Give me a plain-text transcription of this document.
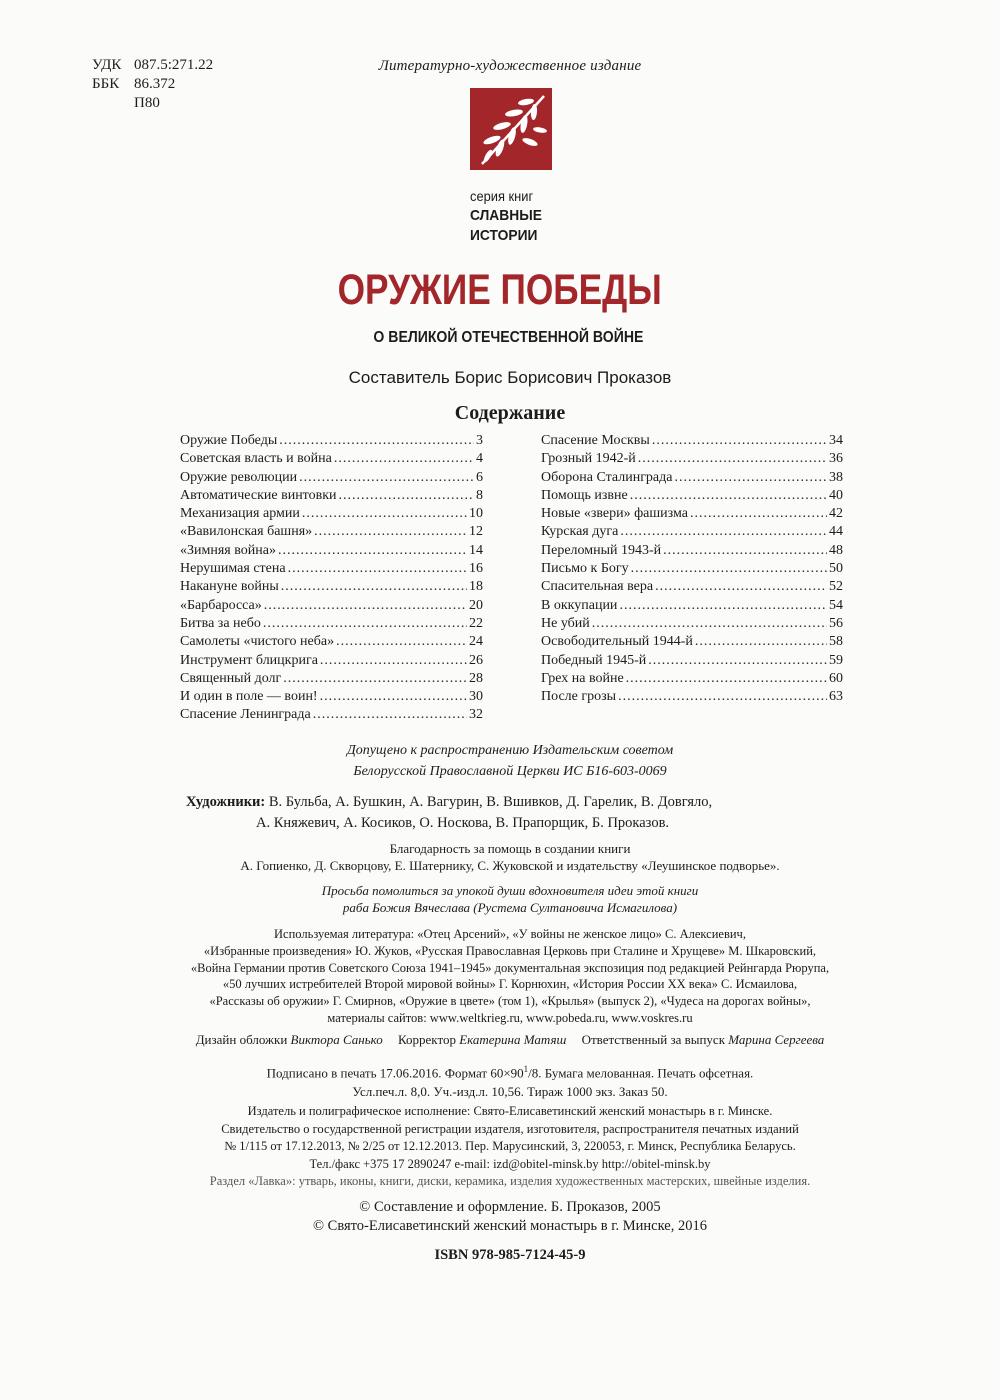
УДК 087.5:271.22
ББК 86.372
П80
Литературно-художественное издание
серия книг
СЛАВНЫЕ
ИСТОРИИ
ОРУЖИЕ ПОБЕДЫ
О ВЕЛИКОЙ ОТЕЧЕСТВЕННОЙ ВОЙНЕ
Составитель Борис Борисович Проказов
Содержание
Оружие Победы .....	3
Советская власть и война .....	4
Оружие революции .....	6
Автоматические винтовки .....	8
Механизация армии .....	10
«Вавилонская башня» .....	12
«Зимняя война» .....	14
Нерушимая стена .....	16
Накануне войны .....	18
«Барбаросса» .....	20
Битва за небо .....	22
Самолеты «чистого неба» .....	24
Инструмент блицкрига .....	26
Священный долг .....	28
И один в поле — воин! .....	30
Спасение Ленинграда .....	32
Спасение Москвы .....	34
Грозный 1942-й .....	36
Оборона Сталинграда .....	38
Помощь извне .....	40
Новые «звери» фашизма .....	42
Курская дуга .....	44
Переломный 1943-й .....	48
Письмо к Богу .....	50
Спасительная вера .....	52
В оккупации .....	54
Не убий .....	56
Освободительный 1944-й .....	58
Победный 1945-й .....	59
Грех на войне .....	60
После грозы .....	63
Допущено к распространению Издательским советом
Белорусской Православной Церкви ИС Б16-603-0069
Художники: В. Бульба, А. Бушкин, А. Вагурин, В. Вшивков, Д. Гарелик, В. Довгяло,
А. Княжевич, А. Косиков, О. Носкова, В. Прапорщик, Б. Проказов.
Благодарность за помощь в создании книги
А. Гопиенко, Д. Скворцову, Е. Шатернику, С. Жуковской и издательству «Леушинское подворье».
Просьба помолиться за упокой души вдохновителя идеи этой книги
раба Божия Вячеслава (Рустема Султановича Исмагилова)
Используемая литература: «Отец Арсений», «У войны не женское лицо» С. Алексиевич,
«Избранные произведения» Ю. Жуков, «Русская Православная Церковь при Сталине и Хрущеве» М. Шкаровский,
«Война Германии против Советского Союза 1941–1945» документальная экспозиция под редакцией Рейнгарда Рюрупа,
«50 лучших истребителей Второй мировой войны» Г. Корнюхин, «История России XX века» С. Исмаилова,
«Рассказы об оружии» Г. Смирнов, «Оружие в цвете» (том 1), «Крылья» (выпуск 2), «Чудеса на дорогах войны»,
материалы сайтов: www.weltkrieg.ru, www.pobeda.ru, www.voskres.ru
Дизайн обложки Виктора Санько Корректор Екатерина Матяш Ответственный за выпуск Марина Сергеева
Подписано в печать 17.06.2016. Формат $60\times 90^1/8$. Бумага мелованная. Печать офсетная.
Усл.печ.л. 8,0. Уч.-изд.л. 10,56. Тираж 1000 экз. Заказ 50.
Издатель и полиграфическое исполнение: Свято-Елисаветинский женский монастырь в г. Минске.
Свидетельство о государственной регистрации издателя, изготовителя, распространителя печатных изданий
№ 1/115 от 17.12.2013, № 2/25 от 12.12.2013. Пер. Марусинский, 3, 220053, г. Минск, Республика Беларусь.
Тел./факс +375 17 2890247 e-mail: izd@obitel-minsk.by http://obitel-minsk.by
Раздел «Лавка»: утварь, иконы, книги, диски, керамика, изделия художественных мастерских, швейные изделия.
© Составление и оформление. Б. Проказов, 2005
© Свято-Елисаветинский женский монастырь в г. Минске, 2016
ISBN 978-985-7124-45-9
